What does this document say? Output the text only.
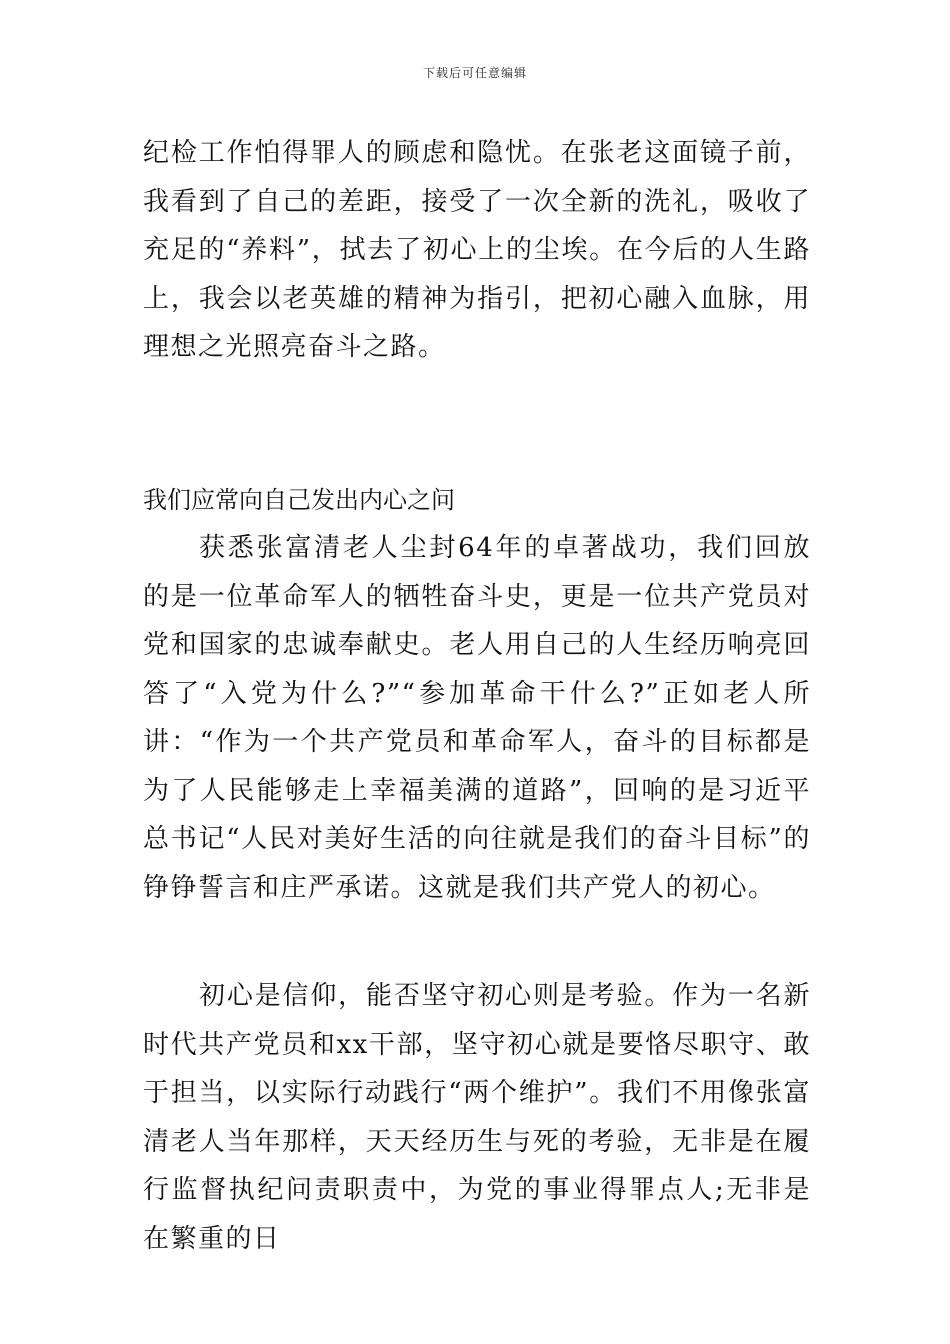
下载后可任意编辑
纪检工作怕得罪人的顾虑和隐忧。在张老这面镜子前，我看到了自己的差距，接受了一次全新的洗礼，吸收了充足的“养料”，拭去了初心上的尘埃。在今后的人生路上，我会以老英雄的精神为指引，把初心融入血脉，用理想之光照亮奋斗之路。
我们应常向自己发出内心之问
获悉张富清老人尘封64年的卓著战功，我们回放的是一位革命军人的牺牲奋斗史，更是一位共产党员对党和国家的忠诚奉献史。老人用自己的人生经历响亮回答了“入党为什么?”“参加革命干什么?”正如老人所讲：“作为一个共产党员和革命军人，奋斗的目标都是为了人民能够走上幸福美满的道路”，回响的是习近平总书记“人民对美好生活的向往就是我们的奋斗目标”的铮铮誓言和庄严承诺。这就是我们共产党人的初心。
初心是信仰，能否坚守初心则是考验。作为一名新时代共产党员和xx干部，坚守初心就是要恪尽职守、敢于担当，以实际行动践行“两个维护”。我们不用像张富清老人当年那样，天天经历生与死的考验，无非是在履行监督执纪问责职责中，为党的事业得罪点人;无非是在繁重的日
